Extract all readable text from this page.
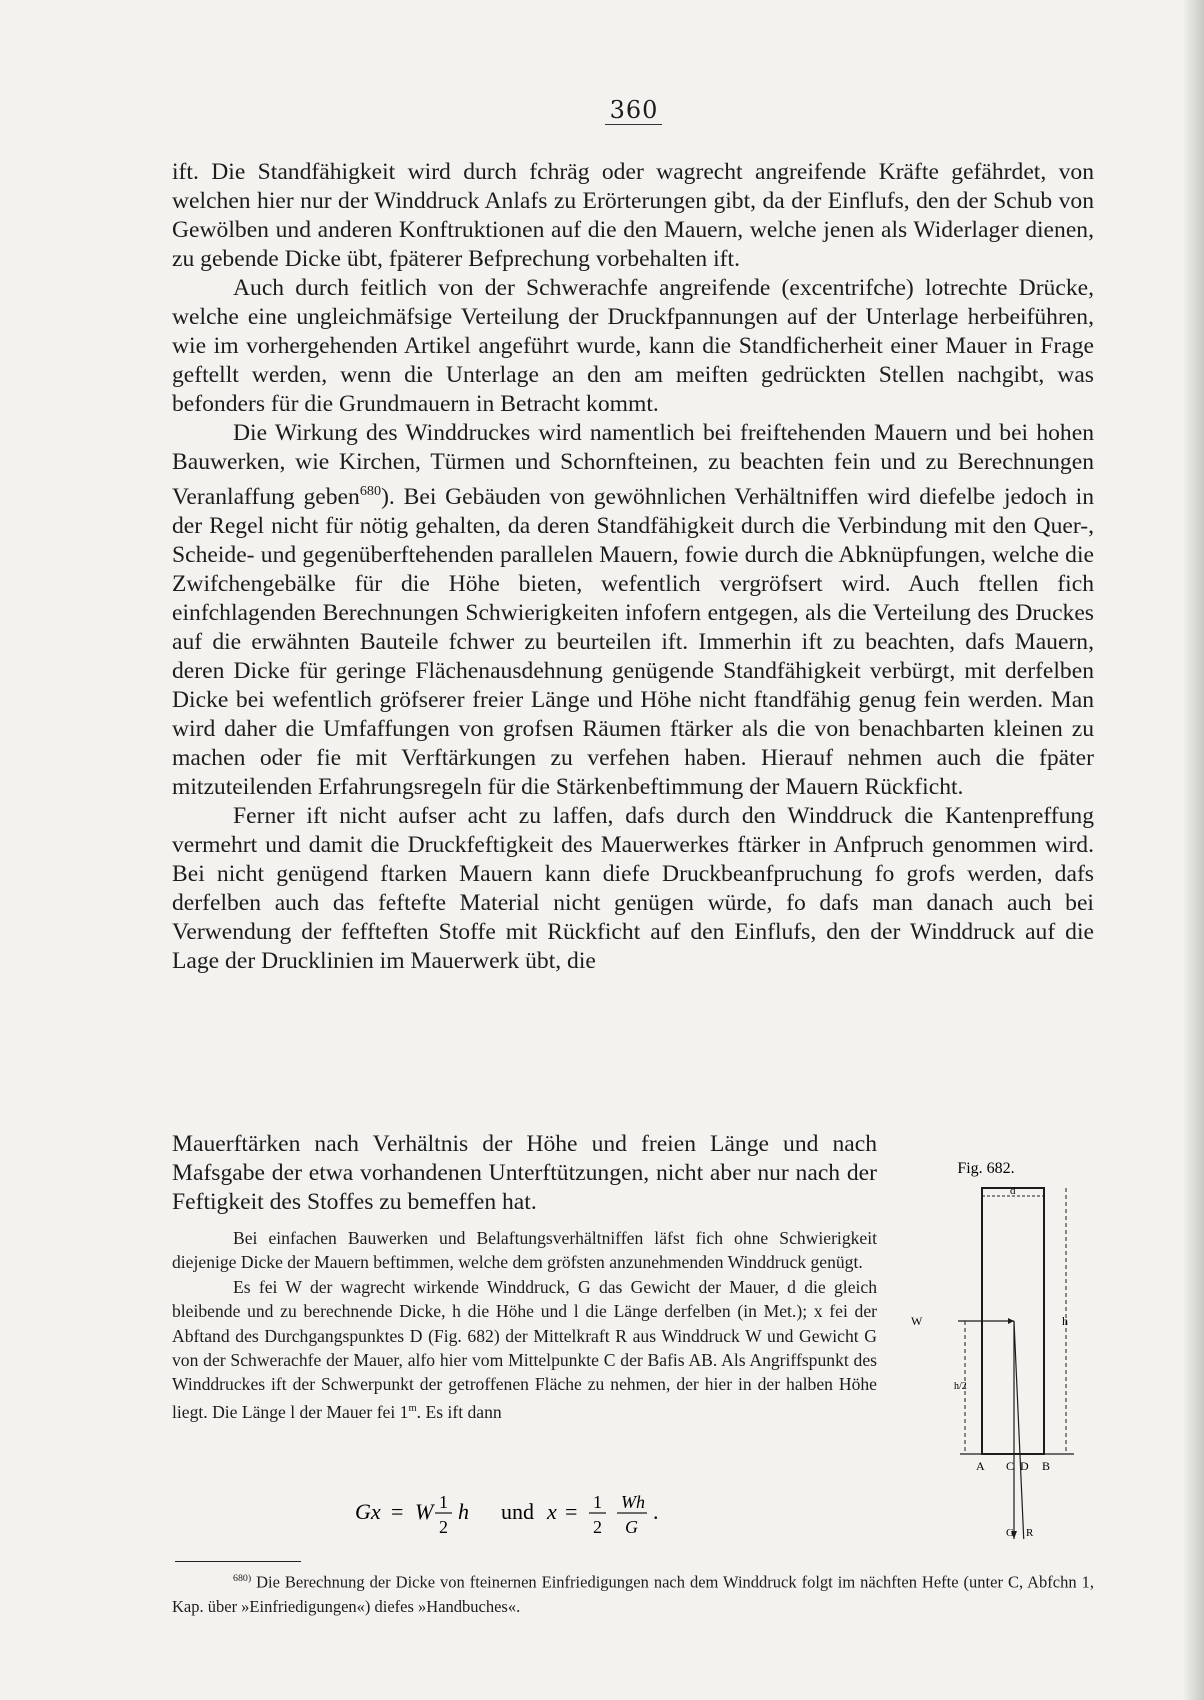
360

ift. Die Standfähigkeit wird durch fchräg oder wagrecht angreifende Kräfte gefährdet, von welchen hier nur der Winddruck Anlafs zu Erörterungen gibt, da der Einflufs, den der Schub von Gewölben und anderen Konftruktionen auf die den Mauern, welche jenen als Widerlager dienen, zu gebende Dicke übt, fpäterer Befprechung vorbehalten ift.

Auch durch feitlich von der Schwerachfe angreifende (excentrifche) lotrechte Drücke, welche eine ungleichmäfsige Verteilung der Druckfpannungen auf der Unterlage herbeiführen, wie im vorhergehenden Artikel angeführt wurde, kann die Standficherheit einer Mauer in Frage geftellt werden, wenn die Unterlage an den am meiften gedrückten Stellen nachgibt, was befonders für die Grundmauern in Betracht kommt.

Die Wirkung des Winddruckes wird namentlich bei freiftehenden Mauern und bei hohen Bauwerken, wie Kirchen, Türmen und Schornfteinen, zu beachten fein und zu Berechnungen Veranlaffung geben$^{680}$). Bei Gebäuden von gewöhnlichen Verhältniffen wird diefelbe jedoch in der Regel nicht für nötig gehalten, da deren Standfähigkeit durch die Verbindung mit den Quer-, Scheide- und gegenüberftehenden parallelen Mauern, fowie durch die Abknüpfungen, welche die Zwifchengebälke für die Höhe bieten, wefentlich vergröfsert wird. Auch ftellen fich einfchlagenden Berechnungen Schwierigkeiten infofern entgegen, als die Verteilung des Druckes auf die erwähnten Bauteile fchwer zu beurteilen ift. Immerhin ift zu beachten, dafs Mauern, deren Dicke für geringe Flächenausdehnung genügende Standfähigkeit verbürgt, mit derfelben Dicke bei wefentlich gröfserer freier Länge und Höhe nicht ftandfähig genug fein werden. Man wird daher die Umfaffungen von grofsen Räumen ftärker als die von benachbarten kleinen zu machen oder fie mit Verftärkungen zu verfehen haben. Hierauf nehmen auch die fpäter mitzuteilenden Erfahrungsregeln für die Stärkenbeftimmung der Mauern Rückficht.

Ferner ift nicht aufser acht zu laffen, dafs durch den Winddruck die Kantenpreffung vermehrt und damit die Druckfeftigkeit des Mauerwerkes ftärker in Anfpruch genommen wird. Bei nicht genügend ftarken Mauern kann diefe Druckbeanfpruchung fo grofs werden, dafs derfelben auch das feftefte Material nicht genügen würde, fo dafs man danach auch bei Verwendung der feffteften Stoffe mit Rückficht auf den Einflufs, den der Winddruck auf die Lage der Drucklinien im Mauerwerk übt, die

Mauerftärken nach Verhältnis der Höhe und freien Länge und nach Mafsgabe der etwa vorhandenen Unterftützungen, nicht aber nur nach der Feftigkeit des Stoffes zu bemeffen hat.

Bei einfachen Bauwerken und Belaftungsverhältniffen läfst fich ohne Schwierigkeit diejenige Dicke der Mauern beftimmen, welche dem gröfsten anzunehmenden Winddruck genügt.

Es fei W der wagrecht wirkende Winddruck, G das Gewicht der Mauer, d die gleich bleibende und zu berechnende Dicke, h die Höhe und l die Länge derfelben (in Met.); x fei der Abftand des Durchgangspunktes D (Fig. 682) der Mittelkraft R aus Winddruck W und Gewicht G von der Schwerachfe der Mauer, alfo hier vom Mittelpunkte C der Bafis AB. Als Angriffspunkt des Winddruckes ift der Schwerpunkt der getroffenen Fläche zu nehmen, der hier in der halben Höhe liegt. Die Länge l der Mauer fei 1$^m$. Es ift dann

Gx = W 1
2
h und x = 1
2
Wh
G
.

$^{680)}$ Die Berechnung der Dicke von fteinernen Einfriedigungen nach dem Winddruck folgt im nächften Hefte (unter C, Abfchn 1, Kap. über »Einfriedigungen«) diefes »Handbuches«.

Fig. 682.
d
h
W
h/2
A C D B
G R
